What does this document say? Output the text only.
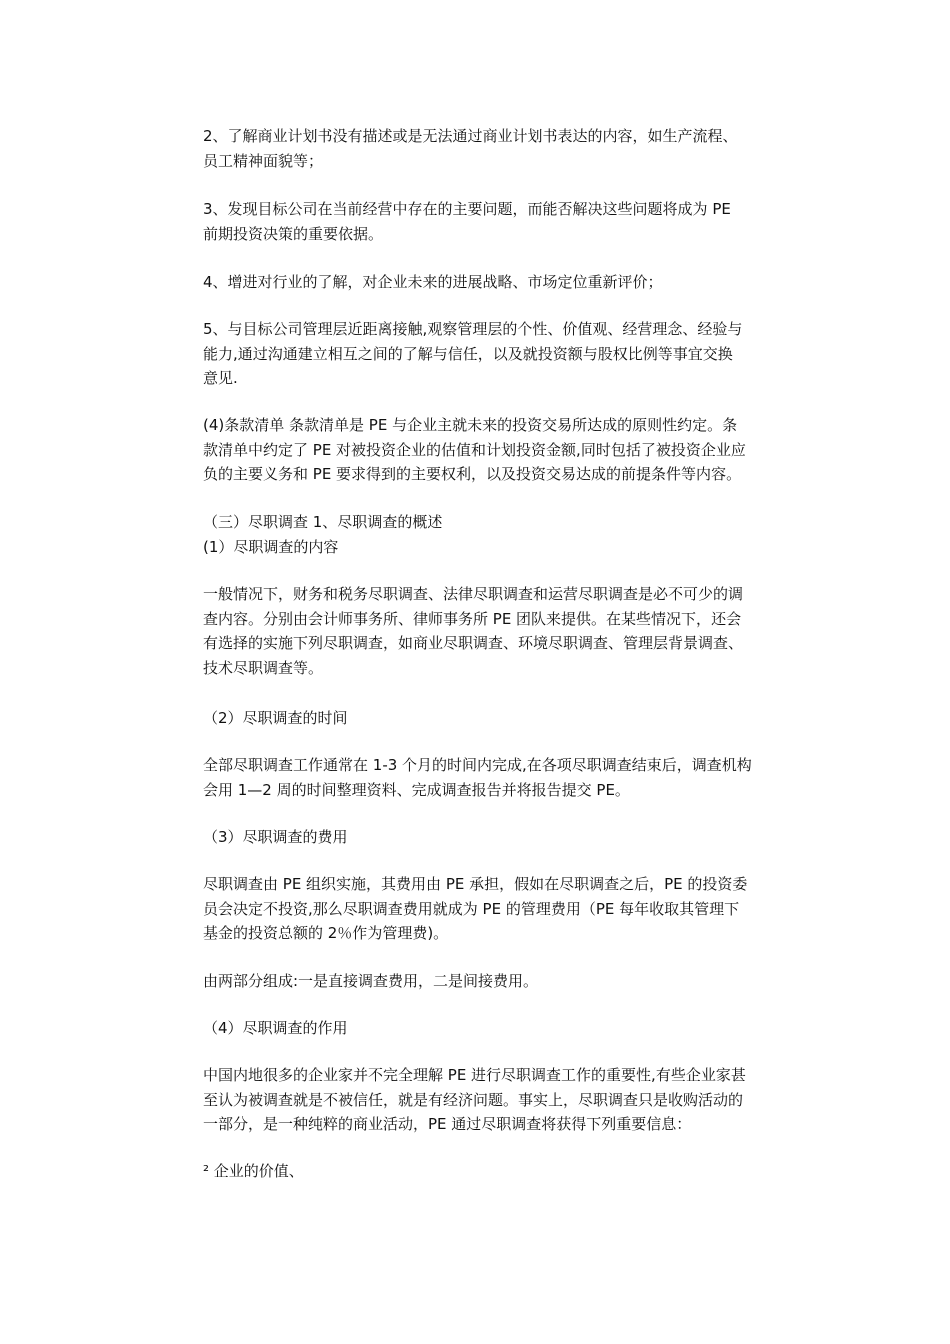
2、了解商业计划书没有描述或是无法通过商业计划书表达的内容，如生产流程、
员工精神面貌等；

3、发现目标公司在当前经营中存在的主要问题，而能否解决这些问题将成为 PE
前期投资决策的重要依据。

4、增进对行业的了解，对企业未来的进展战略、市场定位重新评价；

5、与目标公司管理层近距离接触,观察管理层的个性、价值观、经营理念、经验与
能力,通过沟通建立相互之间的了解与信任，以及就投资额与股权比例等事宜交换
意见.

(4)条款清单 条款清单是 PE 与企业主就未来的投资交易所达成的原则性约定。条
款清单中约定了 PE 对被投资企业的估值和计划投资金额,同时包括了被投资企业应
负的主要义务和 PE 要求得到的主要权利，以及投资交易达成的前提条件等内容。

（三）尽职调查 1、尽职调查的概述
(1）尽职调查的内容

一般情况下，财务和税务尽职调查、法律尽职调查和运营尽职调查是必不可少的调
查内容。分别由会计师事务所、律师事务所 PE 团队来提供。在某些情况下，还会
有选择的实施下列尽职调查，如商业尽职调查、环境尽职调查、管理层背景调查、
技术尽职调查等。

（2）尽职调查的时间

全部尽职调查工作通常在 1-3 个月的时间内完成,在各项尽职调查结束后，调查机构
会用 1—2 周的时间整理资料、完成调查报告并将报告提交 PE。

（3）尽职调查的费用

尽职调查由 PE 组织实施，其费用由 PE 承担，假如在尽职调查之后，PE 的投资委
员会决定不投资,那么尽职调查费用就成为 PE 的管理费用（PE 每年收取其管理下
基金的投资总额的 2％作为管理费)。

由两部分组成:一是直接调查费用，二是间接费用。

（4）尽职调查的作用

中国内地很多的企业家并不完全理解 PE 进行尽职调查工作的重要性,有些企业家甚
至认为被调查就是不被信任，就是有经济问题。事实上，尽职调查只是收购活动的
一部分，是一种纯粹的商业活动，PE 通过尽职调查将获得下列重要信息：

² 企业的价值、
